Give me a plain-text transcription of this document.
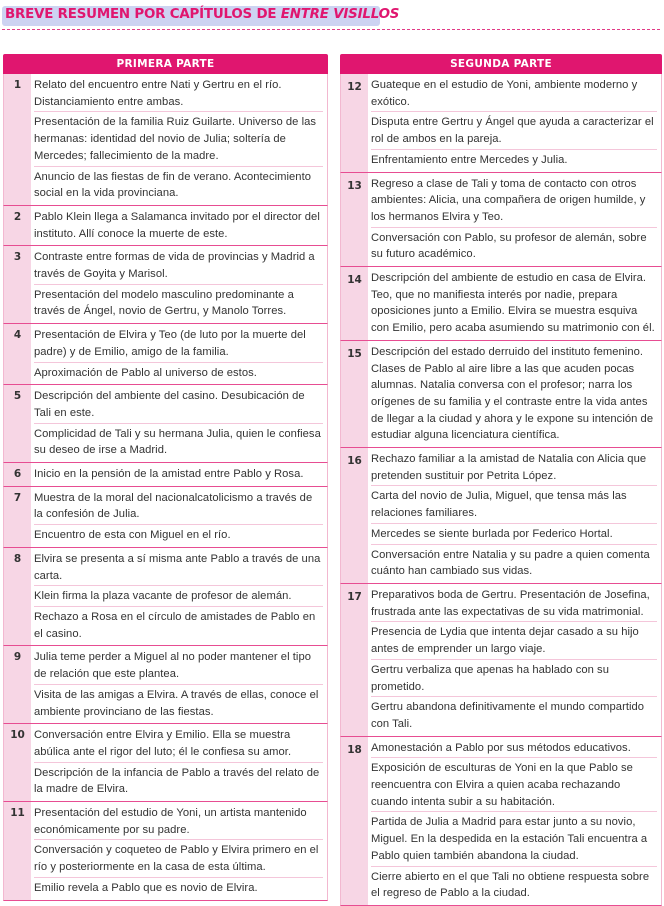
BREVE RESUMEN POR CAPÍTULOS DE ENTRE VISILLOS
PRIMERA PARTE
1	Relato del encuentro entre Nati y Gertru en el río. Distanciamiento entre ambas.
Presentación de la familia Ruiz Guilarte. Universo de las hermanas: identidad del novio de Julia; soltería de Mercedes; fallecimiento de la madre.
Anuncio de las fiestas de fin de verano. Acontecimiento social en la vida provinciana.
2	Pablo Klein llega a Salamanca invitado por el director del instituto. Allí conoce la muerte de este.
3	Contraste entre formas de vida de provincias y Madrid a través de Goyita y Marisol.
Presentación del modelo masculino predominante a través de Ángel, novio de Gertru, y Manolo Torres.
4	Presentación de Elvira y Teo (de luto por la muerte del padre) y de Emilio, amigo de la familia.
Aproximación de Pablo al universo de estos.
5	Descripción del ambiente del casino. Desubicación de Tali en este.
Complicidad de Tali y su hermana Julia, quien le confiesa su deseo de irse a Madrid.
6	Inicio en la pensión de la amistad entre Pablo y Rosa.
7	Muestra de la moral del nacionalcatolicismo a través de la confesión de Julia.
Encuentro de esta con Miguel en el río.
8	Elvira se presenta a sí misma ante Pablo a través de una carta.
Klein firma la plaza vacante de profesor de alemán.
Rechazo a Rosa en el círculo de amistades de Pablo en el casino.
9	Julia teme perder a Miguel al no poder mantener el tipo de relación que este plantea.
Visita de las amigas a Elvira. A través de ellas, conoce el ambiente provinciano de las fiestas.
10 Conversación entre Elvira y Emilio. Ella se muestra abúlica ante el rigor del luto; él le confiesa su amor.
Descripción de la infancia de Pablo a través del relato de la madre de Elvira.
11 Presentación del estudio de Yoni, un artista mantenido económicamente por su padre.
Conversación y coqueteo de Pablo y Elvira primero en el río y posteriormente en la casa de esta última.
Emilio revela a Pablo que es novio de Elvira.
SEGUNDA PARTE
12 Guateque en el estudio de Yoni, ambiente moderno y exótico.
Disputa entre Gertru y Ángel que ayuda a caracterizar el rol de ambos en la pareja.
Enfrentamiento entre Mercedes y Julia.
13 Regreso a clase de Tali y toma de contacto con otros ambientes: Alicia, una compañera de origen humilde, y los hermanos Elvira y Teo.
Conversación con Pablo, su profesor de alemán, sobre su futuro académico.
14 Descripción del ambiente de estudio en casa de Elvira. Teo, que no manifiesta interés por nadie, prepara oposiciones junto a Emilio. Elvira se muestra esquiva con Emilio, pero acaba asumiendo su matrimonio con él.
15 Descripción del estado derruido del instituto femenino. Clases de Pablo al aire libre a las que acuden pocas alumnas. Natalia conversa con el profesor; narra los orígenes de su familia y el contraste entre la vida antes de llegar a la ciudad y ahora y le expone su intención de estudiar alguna licenciatura científica.
16 Rechazo familiar a la amistad de Natalia con Alicia que pretenden sustituir por Petrita López.
Carta del novio de Julia, Miguel, que tensa más las relaciones familiares.
Mercedes se siente burlada por Federico Hortal.
Conversación entre Natalia y su padre a quien comenta cuánto han cambiado sus vidas.
17 Preparativos boda de Gertru. Presentación de Josefina, frustrada ante las expectativas de su vida matrimonial.
Presencia de Lydia que intenta dejar casado a su hijo antes de emprender un largo viaje.
Gertru verbaliza que apenas ha hablado con su prometido.
Gertru abandona definitivamente el mundo compartido con Tali.
18 Amonestación a Pablo por sus métodos educativos.
Exposición de esculturas de Yoni en la que Pablo se reencuentra con Elvira a quien acaba rechazando cuando intenta subir a su habitación.
Partida de Julia a Madrid para estar junto a su novio, Miguel. En la despedida en la estación Tali encuentra a Pablo quien también abandona la ciudad.
Cierre abierto en el que Tali no obtiene respuesta sobre el regreso de Pablo a la ciudad.
